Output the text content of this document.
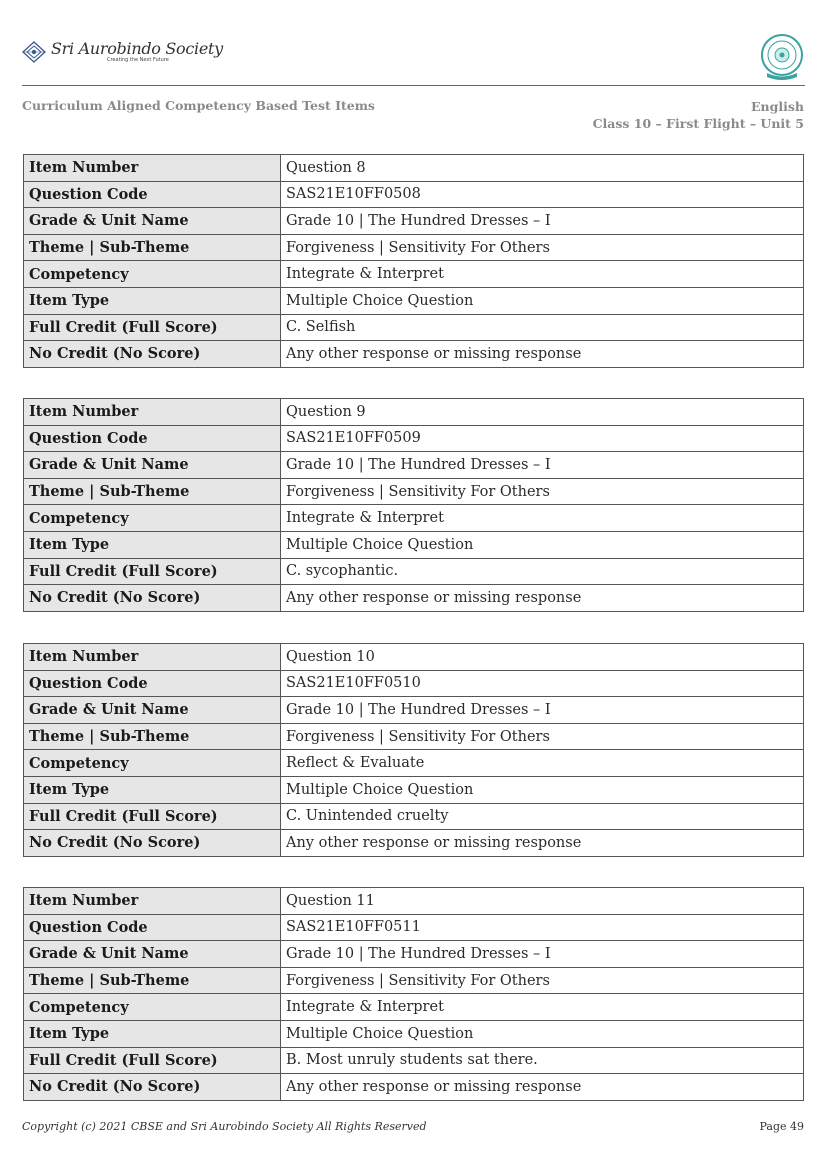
Sri Aurobindo Society
Creating the Next Future
Curriculum Aligned Competency Based Test Items	English
Class 10 – First Flight – Unit 5
Item Number	Question 8
Question Code	SAS21E10FF0508
Grade & Unit Name	Grade 10 | The Hundred Dresses – I
Theme | Sub-Theme	Forgiveness | Sensitivity For Others
Competency	Integrate & Interpret
Item Type	Multiple Choice Question
Full Credit (Full Score)	C. Selfish
No Credit (No Score)	Any other response or missing response
Item Number	Question 9
Question Code	SAS21E10FF0509
Grade & Unit Name	Grade 10 | The Hundred Dresses – I
Theme | Sub-Theme	Forgiveness | Sensitivity For Others
Competency	Integrate & Interpret
Item Type	Multiple Choice Question
Full Credit (Full Score)	C. sycophantic.
No Credit (No Score)	Any other response or missing response
Item Number	Question 10
Question Code	SAS21E10FF0510
Grade & Unit Name	Grade 10 | The Hundred Dresses – I
Theme | Sub-Theme	Forgiveness | Sensitivity For Others
Competency	Reflect & Evaluate
Item Type	Multiple Choice Question
Full Credit (Full Score)	C. Unintended cruelty
No Credit (No Score)	Any other response or missing response
Item Number	Question 11
Question Code	SAS21E10FF0511
Grade & Unit Name	Grade 10 | The Hundred Dresses – I
Theme | Sub-Theme	Forgiveness | Sensitivity For Others
Competency	Integrate & Interpret
Item Type	Multiple Choice Question
Full Credit (Full Score)	B. Most unruly students sat there.
No Credit (No Score)	Any other response or missing response
Copyright (c) 2021 CBSE and Sri Aurobindo Society All Rights Reserved	Page 49
